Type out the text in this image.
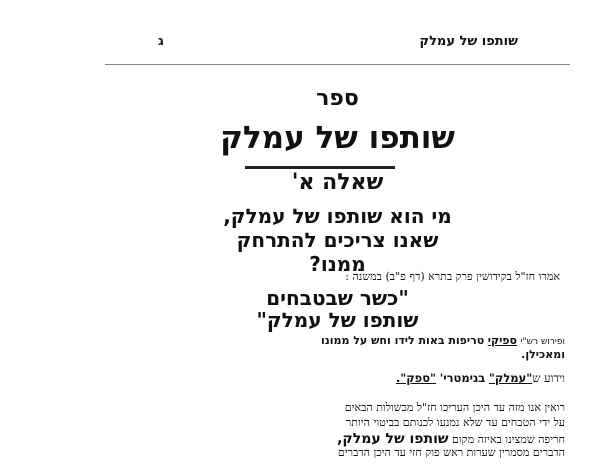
שותפו של עמלק
ג
ספר
שותפו של עמלק
שאלה א'
מי הוא שותפו של עמלק,
שאנו צריכים להתרחק
ממנו?
אמרו חז"ל בקידושין פרק בתרא (דף פ"ב) במשנה :
"כשר שבטבחים
שותפו של עמלק"
ופירוש רש"י ספיקי טריפות באות לידו וחש על ממונו
ומאכילן.
וידוע ש"עמלק" בגימטרי' "ספק".
רואין אנו מזה עד היכן העריכו חז"ל מכשולות הבאים
על ידי הטבחים עד שלא נמנעו לכנותם בביטוי היותר
חריפה שמצינו באיזה מקום שותפו של עמלק,
הדברים מסמרין שערות ראש פוק חזי עד היכן הדברים
